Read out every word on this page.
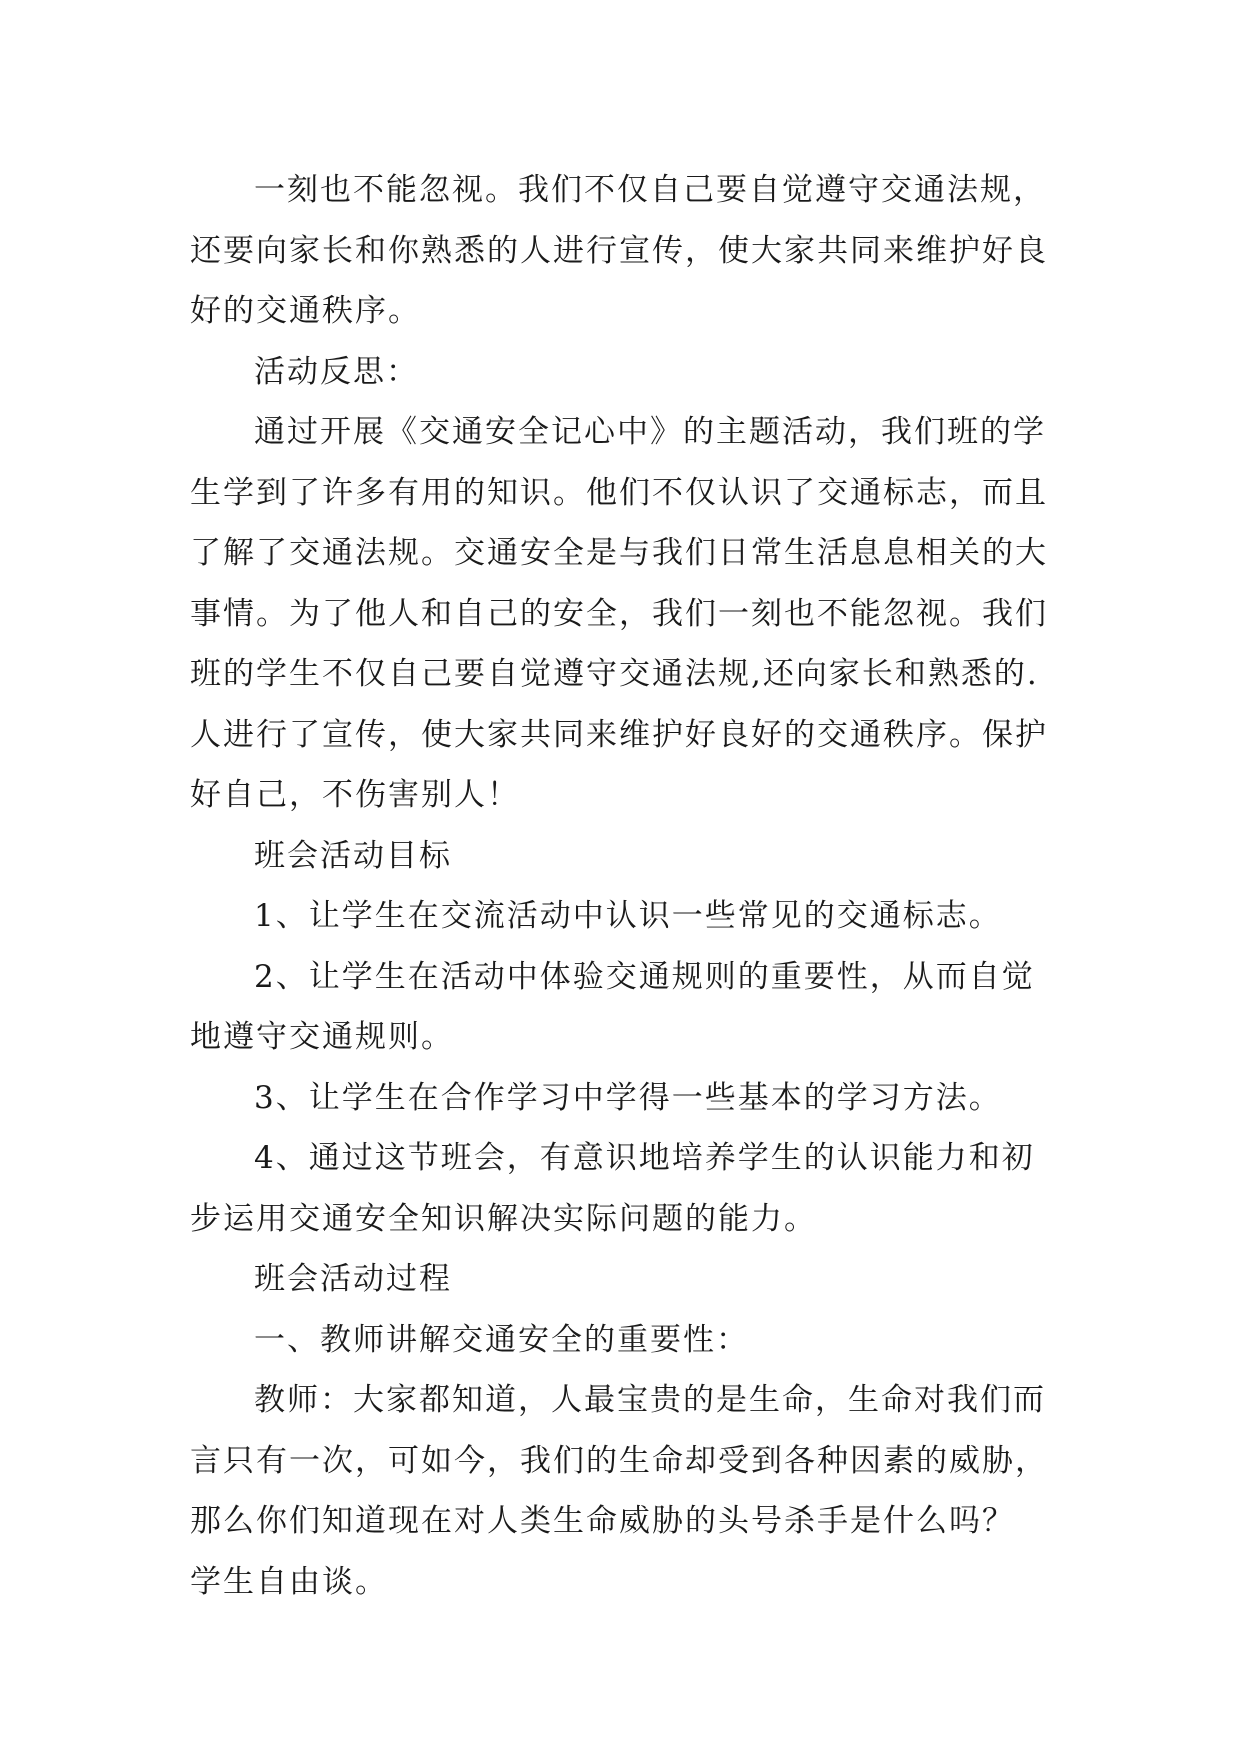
一刻也不能忽视。我们不仅自己要自觉遵守交通法规，
还要向家长和你熟悉的人进行宣传，使大家共同来维护好良
好的交通秩序。
活动反思：
通过开展《交通安全记心中》的主题活动，我们班的学
生学到了许多有用的知识。他们不仅认识了交通标志，而且
了解了交通法规。交通安全是与我们日常生活息息相关的大
事情。为了他人和自己的安全，我们一刻也不能忽视。我们
班的学生不仅自己要自觉遵守交通法规,还向家长和熟悉的.
人进行了宣传，使大家共同来维护好良好的交通秩序。保护
好自己，不伤害别人！
班会活动目标
1、让学生在交流活动中认识一些常见的交通标志。
2、让学生在活动中体验交通规则的重要性，从而自觉
地遵守交通规则。
3、让学生在合作学习中学得一些基本的学习方法。
4、通过这节班会，有意识地培养学生的认识能力和初
步运用交通安全知识解决实际问题的能力。
班会活动过程
一、教师讲解交通安全的重要性：
教师：大家都知道，人最宝贵的是生命，生命对我们而
言只有一次，可如今，我们的生命却受到各种因素的威胁，
那么你们知道现在对人类生命威胁的头号杀手是什么吗？
学生自由谈。
